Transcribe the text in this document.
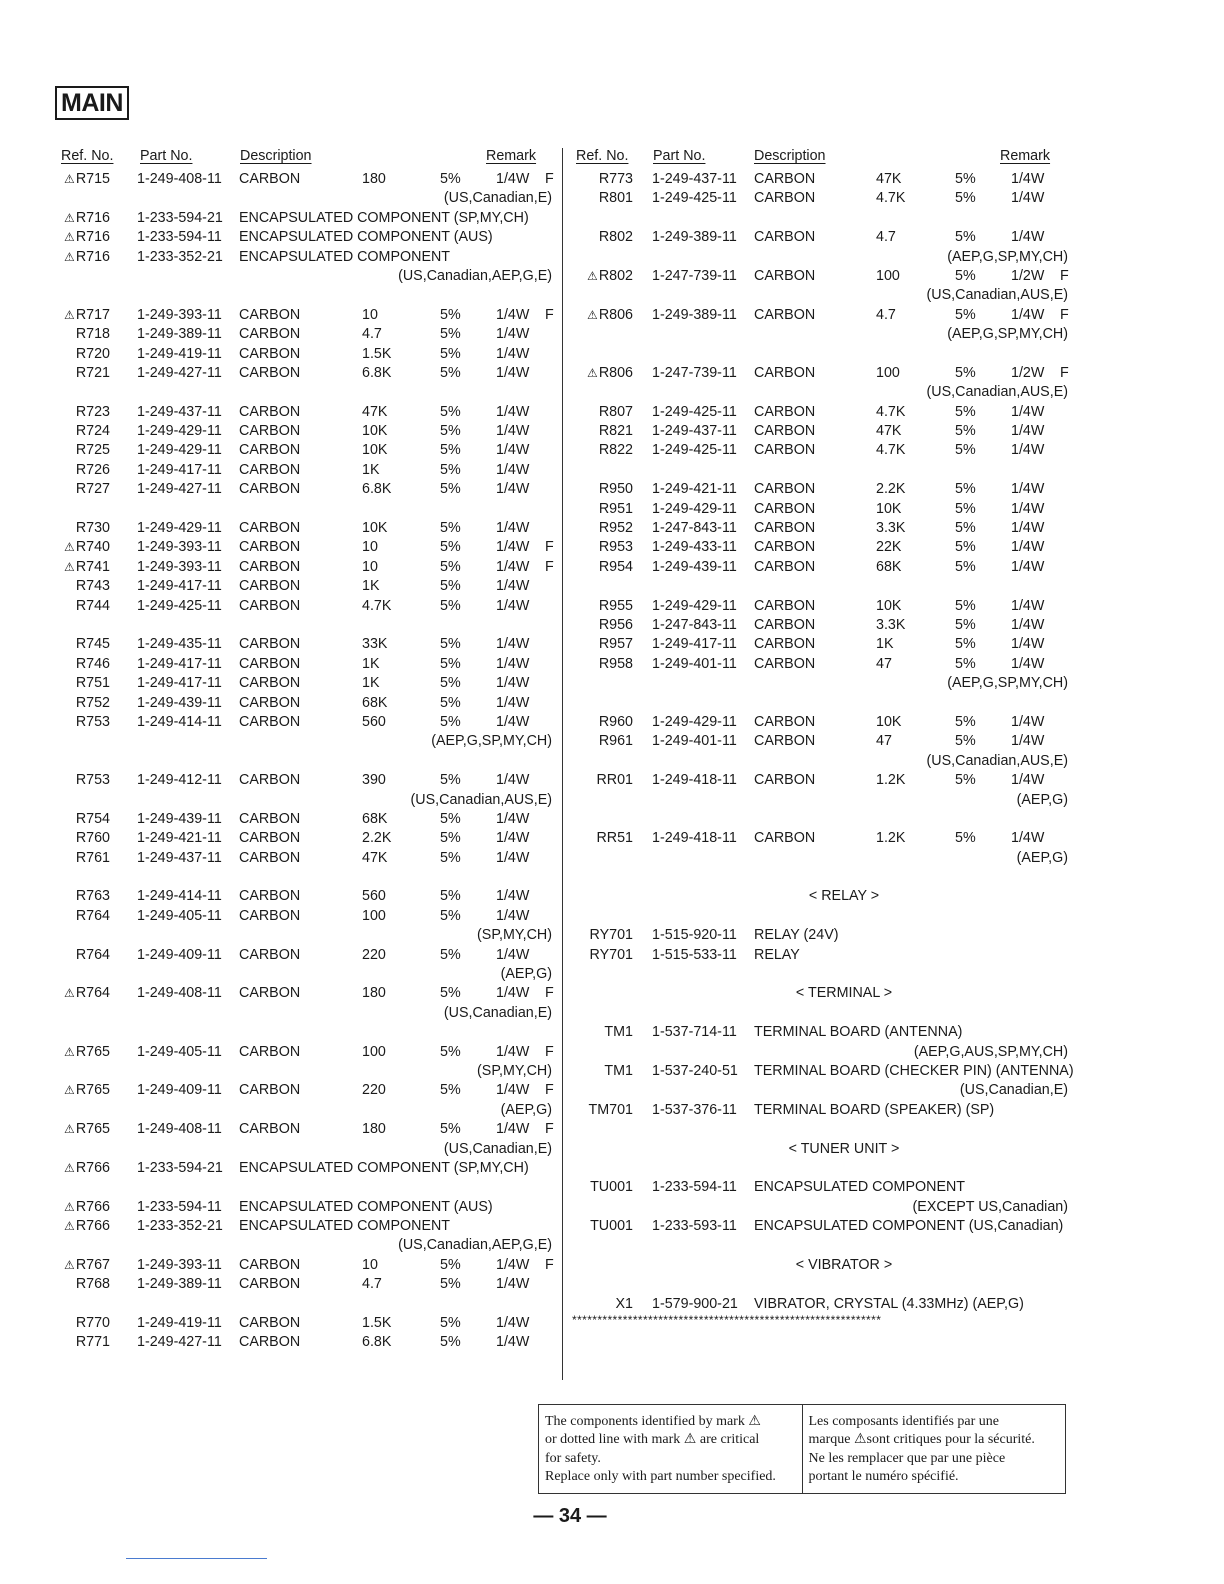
MAIN
Ref. No. Part No.	Description	Remark
⚠R715 1-249-408-11 CARBON	180	5% 1/4W F
(US,Canadian,E)
⚠R716 1-233-594-21 ENCAPSULATED COMPONENT (SP,MY,CH)
⚠R716 1-233-594-11 ENCAPSULATED COMPONENT (AUS)
⚠R716 1-233-352-21 ENCAPSULATED COMPONENT
(US,Canadian,AEP,G,E)
⚠R717 1-249-393-11 CARBON	10	5% 1/4W F
R718 1-249-389-11 CARBON	4.7	5% 1/4W
R720 1-249-419-11 CARBON	1.5K	5% 1/4W
R721 1-249-427-11 CARBON	6.8K	5% 1/4W
R723 1-249-437-11 CARBON	47K	5% 1/4W
R724 1-249-429-11 CARBON	10K	5% 1/4W
R725 1-249-429-11 CARBON	10K	5% 1/4W
R726 1-249-417-11 CARBON	1K	5% 1/4W
R727 1-249-427-11 CARBON	6.8K	5% 1/4W
R730 1-249-429-11 CARBON	10K	5% 1/4W
⚠R740 1-249-393-11 CARBON	10	5% 1/4W F
⚠R741 1-249-393-11 CARBON	10	5% 1/4W F
R743 1-249-417-11 CARBON	1K	5% 1/4W
R744 1-249-425-11 CARBON	4.7K	5% 1/4W
R745 1-249-435-11 CARBON	33K	5% 1/4W
R746 1-249-417-11 CARBON	1K	5% 1/4W
R751 1-249-417-11 CARBON	1K	5% 1/4W
R752 1-249-439-11 CARBON	68K	5% 1/4W
R753 1-249-414-11 CARBON	560	5% 1/4W
(AEP,G,SP,MY,CH)
R753 1-249-412-11 CARBON	390	5% 1/4W
(US,Canadian,AUS,E)
R754 1-249-439-11 CARBON	68K	5% 1/4W
R760 1-249-421-11 CARBON	2.2K	5% 1/4W
R761 1-249-437-11 CARBON	47K	5% 1/4W
R763 1-249-414-11 CARBON	560	5% 1/4W
R764 1-249-405-11 CARBON	100	5% 1/4W
(SP,MY,CH)
R764 1-249-409-11 CARBON	220	5% 1/4W
(AEP,G)
⚠R764 1-249-408-11 CARBON	180	5% 1/4W F
(US,Canadian,E)
⚠R765 1-249-405-11 CARBON	100	5% 1/4W F
(SP,MY,CH)
⚠R765 1-249-409-11 CARBON	220	5% 1/4W F
(AEP,G)
⚠R765 1-249-408-11 CARBON	180	5% 1/4W F
(US,Canadian,E)
⚠R766 1-233-594-21 ENCAPSULATED COMPONENT (SP,MY,CH)
⚠R766 1-233-594-11 ENCAPSULATED COMPONENT (AUS)
⚠R766 1-233-352-21 ENCAPSULATED COMPONENT
(US,Canadian,AEP,G,E)
⚠R767 1-249-393-11 CARBON	10	5% 1/4W F
R768 1-249-389-11 CARBON	4.7	5% 1/4W
R770 1-249-419-11 CARBON	1.5K	5% 1/4W
R771 1-249-427-11 CARBON	6.8K	5% 1/4W
Ref. No. Part No.	Description	Remark
R773 1-249-437-11 CARBON	47K	5% 1/4W
R801 1-249-425-11 CARBON	4.7K	5% 1/4W
R802 1-249-389-11 CARBON	4.7	5% 1/4W
(AEP,G,SP,MY,CH)
⚠R802 1-247-739-11 CARBON	100	5% 1/2W F
(US,Canadian,AUS,E)
⚠R806 1-249-389-11 CARBON	4.7	5% 1/4W F
(AEP,G,SP,MY,CH)
⚠R806 1-247-739-11 CARBON	100	5% 1/2W F
(US,Canadian,AUS,E)
R807 1-249-425-11 CARBON	4.7K	5% 1/4W
R821 1-249-437-11 CARBON	47K	5% 1/4W
R822 1-249-425-11 CARBON	4.7K	5% 1/4W
R950 1-249-421-11 CARBON	2.2K	5% 1/4W
R951 1-249-429-11 CARBON	10K	5% 1/4W
R952 1-247-843-11 CARBON	3.3K	5% 1/4W
R953 1-249-433-11 CARBON	22K	5% 1/4W
R954 1-249-439-11 CARBON	68K	5% 1/4W
R955 1-249-429-11 CARBON	10K	5% 1/4W
R956 1-247-843-11 CARBON	3.3K	5% 1/4W
R957 1-249-417-11 CARBON	1K	5% 1/4W
R958 1-249-401-11 CARBON	47	5% 1/4W
(AEP,G,SP,MY,CH)
R960 1-249-429-11 CARBON	10K	5% 1/4W
R961 1-249-401-11 CARBON	47	5% 1/4W
(US,Canadian,AUS,E)
RR01 1-249-418-11 CARBON	1.2K	5% 1/4W
(AEP,G)
RR51 1-249-418-11 CARBON	1.2K	5% 1/4W
(AEP,G)
< RELAY >
RY701 1-515-920-11 RELAY (24V)
RY701 1-515-533-11 RELAY
< TERMINAL >
TM1 1-537-714-11 TERMINAL BOARD (ANTENNA)
(AEP,G,AUS,SP,MY,CH)
TM1 1-537-240-51 TERMINAL BOARD (CHECKER PIN) (ANTENNA)
(US,Canadian,E)
TM701 1-537-376-11 TERMINAL BOARD (SPEAKER) (SP)
< TUNER UNIT >
TU001 1-233-594-11 ENCAPSULATED COMPONENT
(EXCEPT US,Canadian)
TU001 1-233-593-11 ENCAPSULATED COMPONENT (US,Canadian)
< VIBRATOR >
X1 1-579-900-21 VIBRATOR, CRYSTAL (4.33MHz) (AEP,G)
*************************************************************
The components identified by mark ⚠
or dotted line with mark ⚠ are critical
for safety.
Replace only with part number specified.
Les composants identifiés par une
marque ⚠sont critiques pour la sécurité.
Ne les remplacer que par une pièce
portant le numéro spécifié.
— 34 —
